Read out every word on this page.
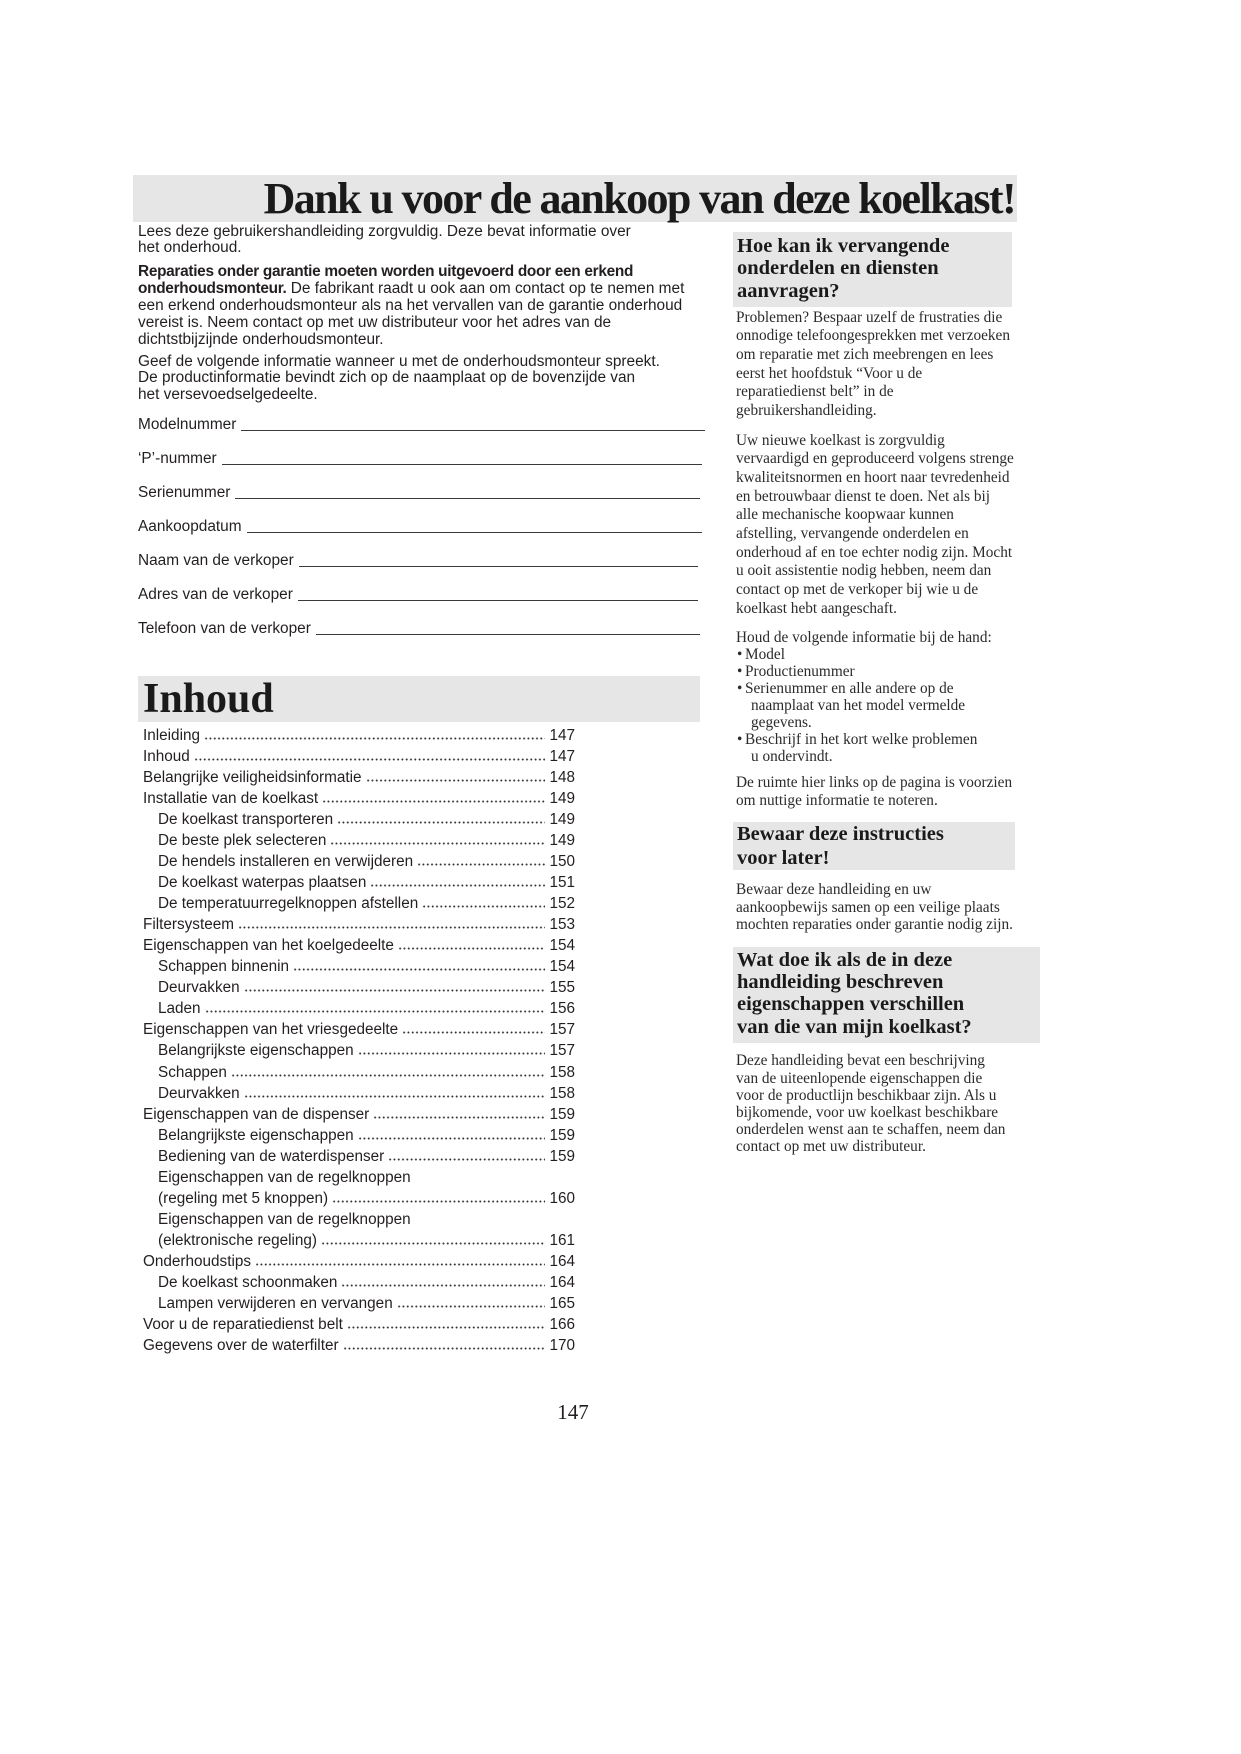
Dank u voor de aankoop van deze koelkast!
Lees deze gebruikershandleiding zorgvuldig. Deze bevat informatie over
het onderhoud.
Reparaties onder garantie moeten worden uitgevoerd door een erkend
onderhoudsmonteur. De fabrikant raadt u ook aan om contact op te nemen met
een erkend onderhoudsmonteur als na het vervallen van de garantie onderhoud
vereist is. Neem contact op met uw distributeur voor het adres van de
dichtstbijzijnde onderhoudsmonteur.
Geef de volgende informatie wanneer u met de onderhoudsmonteur spreekt.
De productinformatie bevindt zich op de naamplaat op de bovenzijde van
het versevoedselgedeelte.
Modelnummer
‘P’-nummer
Serienummer
Aankoopdatum
Naam van de verkoper
Adres van de verkoper
Telefoon van de verkoper
Inhoud
Inleiding	147
Inhoud	147
Belangrijke veiligheidsinformatie	148
Installatie van de koelkast	149
De koelkast transporteren	149
De beste plek selecteren	149
De hendels installeren en verwijderen	150
De koelkast waterpas plaatsen	151
De temperatuurregelknoppen afstellen	152
Filtersysteem	153
Eigenschappen van het koelgedeelte	154
Schappen binnenin	154
Deurvakken	155
Laden	156
Eigenschappen van het vriesgedeelte	157
Belangrijkste eigenschappen	157
Schappen	158
Deurvakken	158
Eigenschappen van de dispenser	159
Belangrijkste eigenschappen	159
Bediening van de waterdispenser	159
Eigenschappen van de regelknoppen
(regeling met 5 knoppen)	160
Eigenschappen van de regelknoppen
(elektronische regeling)	161
Onderhoudstips	164
De koelkast schoonmaken	164
Lampen verwijderen en vervangen	165
Voor u de reparatiedienst belt	166
Gegevens over de waterfilter	170
Hoe kan ik vervangende
onderdelen en diensten
aanvragen?
Problemen? Bespaar uzelf de frustraties die
onnodige telefoongesprekken met verzoeken
om reparatie met zich meebrengen en lees
eerst het hoofdstuk “Voor u de
reparatiedienst belt” in de
gebruikershandleiding.
Uw nieuwe koelkast is zorgvuldig
vervaardigd en geproduceerd volgens strenge
kwaliteitsnormen en hoort naar tevredenheid
en betrouwbaar dienst te doen. Net als bij
alle mechanische koopwaar kunnen
afstelling, vervangende onderdelen en
onderhoud af en toe echter nodig zijn. Mocht
u ooit assistentie nodig hebben, neem dan
contact op met de verkoper bij wie u de
koelkast hebt aangeschaft.
Houd de volgende informatie bij de hand:
• Model
• Productienummer
• Serienummer en alle andere op de
naamplaat van het model vermelde
gegevens.
• Beschrijf in het kort welke problemen
u ondervindt.
De ruimte hier links op de pagina is voorzien
om nuttige informatie te noteren.
Bewaar deze instructies
voor later!
Bewaar deze handleiding en uw
aankoopbewijs samen op een veilige plaats
mochten reparaties onder garantie nodig zijn.
Wat doe ik als de in deze
handleiding beschreven
eigenschappen verschillen
van die van mijn koelkast?
Deze handleiding bevat een beschrijving
van de uiteenlopende eigenschappen die
voor de productlijn beschikbaar zijn. Als u
bijkomende, voor uw koelkast beschikbare
onderdelen wenst aan te schaffen, neem dan
contact op met uw distributeur.
147
